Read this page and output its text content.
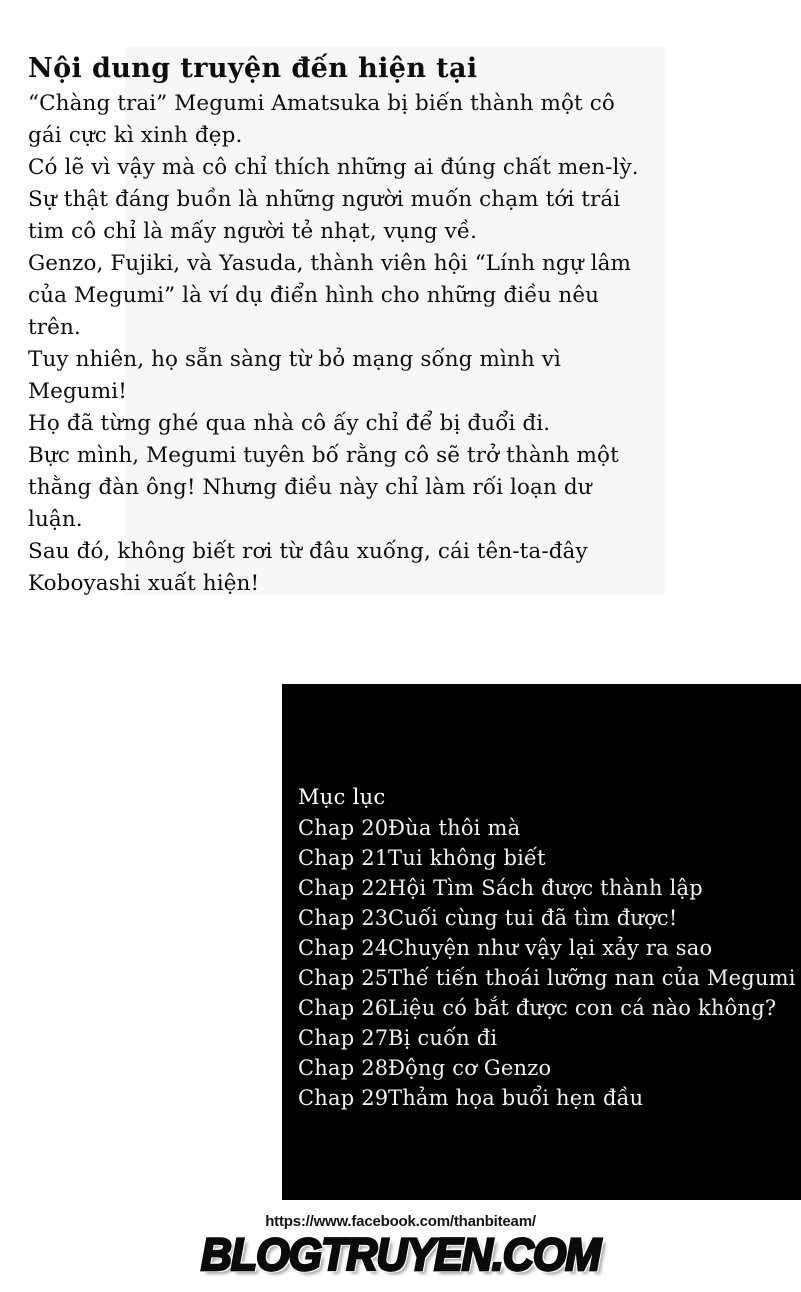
Nội dung truyện đến hiện tại

“Chàng trai” Megumi Amatsuka bị biến thành một cô gái cực kì xinh đẹp.

Có lẽ vì vậy mà cô chỉ thích những ai đúng chất men-lỳ. Sự thật đáng buồn là những người muốn chạm tới trái tim cô chỉ là mấy người tẻ nhạt, vụng về.

Genzo, Fujiki, và Yasuda, thành viên hội “Lính ngự lâm của Megumi” là ví dụ điển hình cho những điều nêu trên.

Tuy nhiên, họ sẵn sàng từ bỏ mạng sống mình vì Megumi!

Họ đã từng ghé qua nhà cô ấy chỉ để bị đuổi đi.

Bực mình, Megumi tuyên bố rằng cô sẽ trở thành một thằng đàn ông! Nhưng điều này chỉ làm rối loạn dư luận.

Sau đó, không biết rơi từ đâu xuống, cái tên-ta-đây Koboyashi xuất hiện!

Mục lục
Chap 20 Đùa thôi mà
Chap 21 Tui không biết
Chap 22 Hội Tìm Sách được thành lập
Chap 23 Cuối cùng tui đã tìm được!
Chap 24 Chuyện như vậy lại xảy ra sao
Chap 25 Thế tiến thoái lưỡng nan của Megumi
Chap 26 Liệu có bắt được con cá nào không?
Chap 27 Bị cuốn đi
Chap 28 Động cơ Genzo
Chap 29 Thảm họa buổi hẹn đầu
https://www.facebook.com/thanbiteam/
BLOGTRUYEN.COM
